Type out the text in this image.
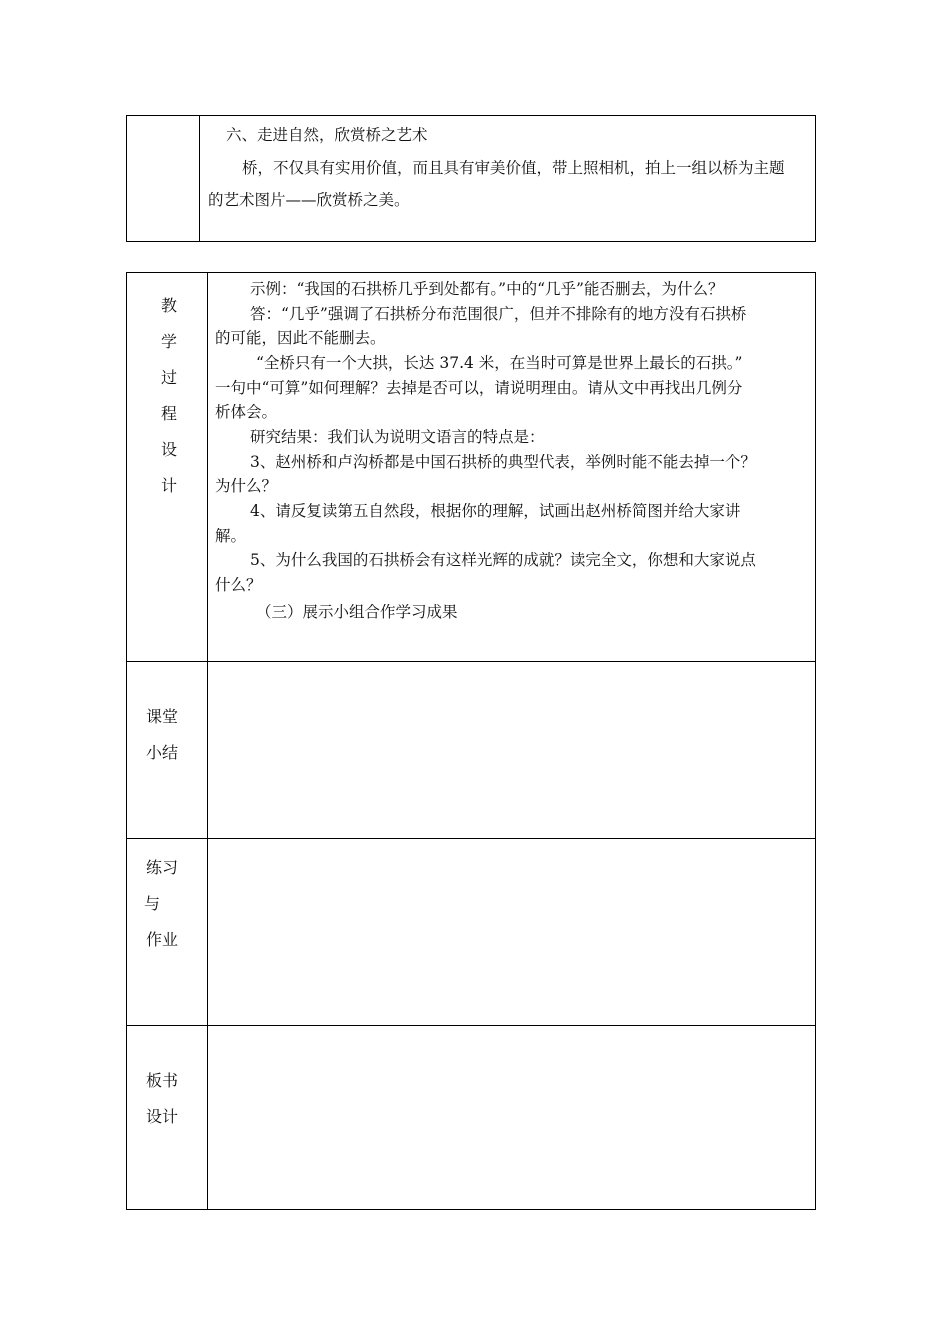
六、走进自然，欣赏桥之艺术
桥，不仅具有实用价值，而且具有审美价值，带上照相机，拍上一组以桥为主题
的艺术图片——欣赏桥之美。
教
学
过
程
设
计
示例：“我国的石拱桥几乎到处都有。”中的“几乎”能否删去，为什么？
答：“几乎”强调了石拱桥分布范围很广，但并不排除有的地方没有石拱桥
的可能，因此不能删去。
“全桥只有一个大拱，长达 37.4 米，在当时可算是世界上最长的石拱。”
一句中“可算”如何理解？去掉是否可以，请说明理由。请从文中再找出几例分
析体会。
研究结果：我们认为说明文语言的特点是：
3、赵州桥和卢沟桥都是中国石拱桥的典型代表，举例时能不能去掉一个？
为什么？
4、请反复读第五自然段，根据你的理解，试画出赵州桥简图并给大家讲
解。
5、为什么我国的石拱桥会有这样光辉的成就？读完全文，你想和大家说点
什么？
（三）展示小组合作学习成果
课堂
小结
练习
与
作业
板书
设计
